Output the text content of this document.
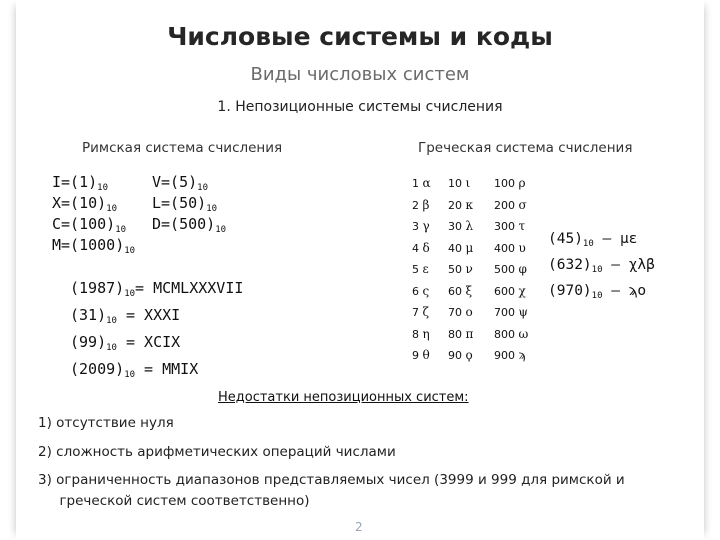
Числовые системы и коды
Виды числовых систем
1. Непозиционные системы счисления
Римская система счисления	Греческая система счисления
$I=(1)_{10}$	$V=(5)_{10}$
$X=(10)_{10}$ $L=(50)_{10}$
$C=(100)_{10}$ $D=(500)_{10}$
$M=(1000)_{10}$
$(1987)_{10}=$ MCMLXXXVII
$(31)_{10}$ = XXXI
$(99)_{10}$ = XCIX
$(2009)_{10}$ = MMIX
1 α
2 β
3 γ
4 δ
5 ε
6 ς
7 ζ
8 η
9 θ
10 ι
20 κ
30 λ
40 μ
50 ν
60 ξ
70 ο
80 π
90 ϙ
100 ρ
200 σ
300 τ
400 υ
500 φ
600 χ
700 ψ
800 ω
900 ϡ
$(45)_{10}$ – με
$(632)_{10}$ – χλβ
$(970)_{10}$ – ϡο
Недостатки непозиционных систем:
1) отсутствие нуля
2) сложность арифметических операций числами
3) ограниченность диапазонов представляемых чисел (3999 и 999 для римской и
греческой систем соответственно)
2
